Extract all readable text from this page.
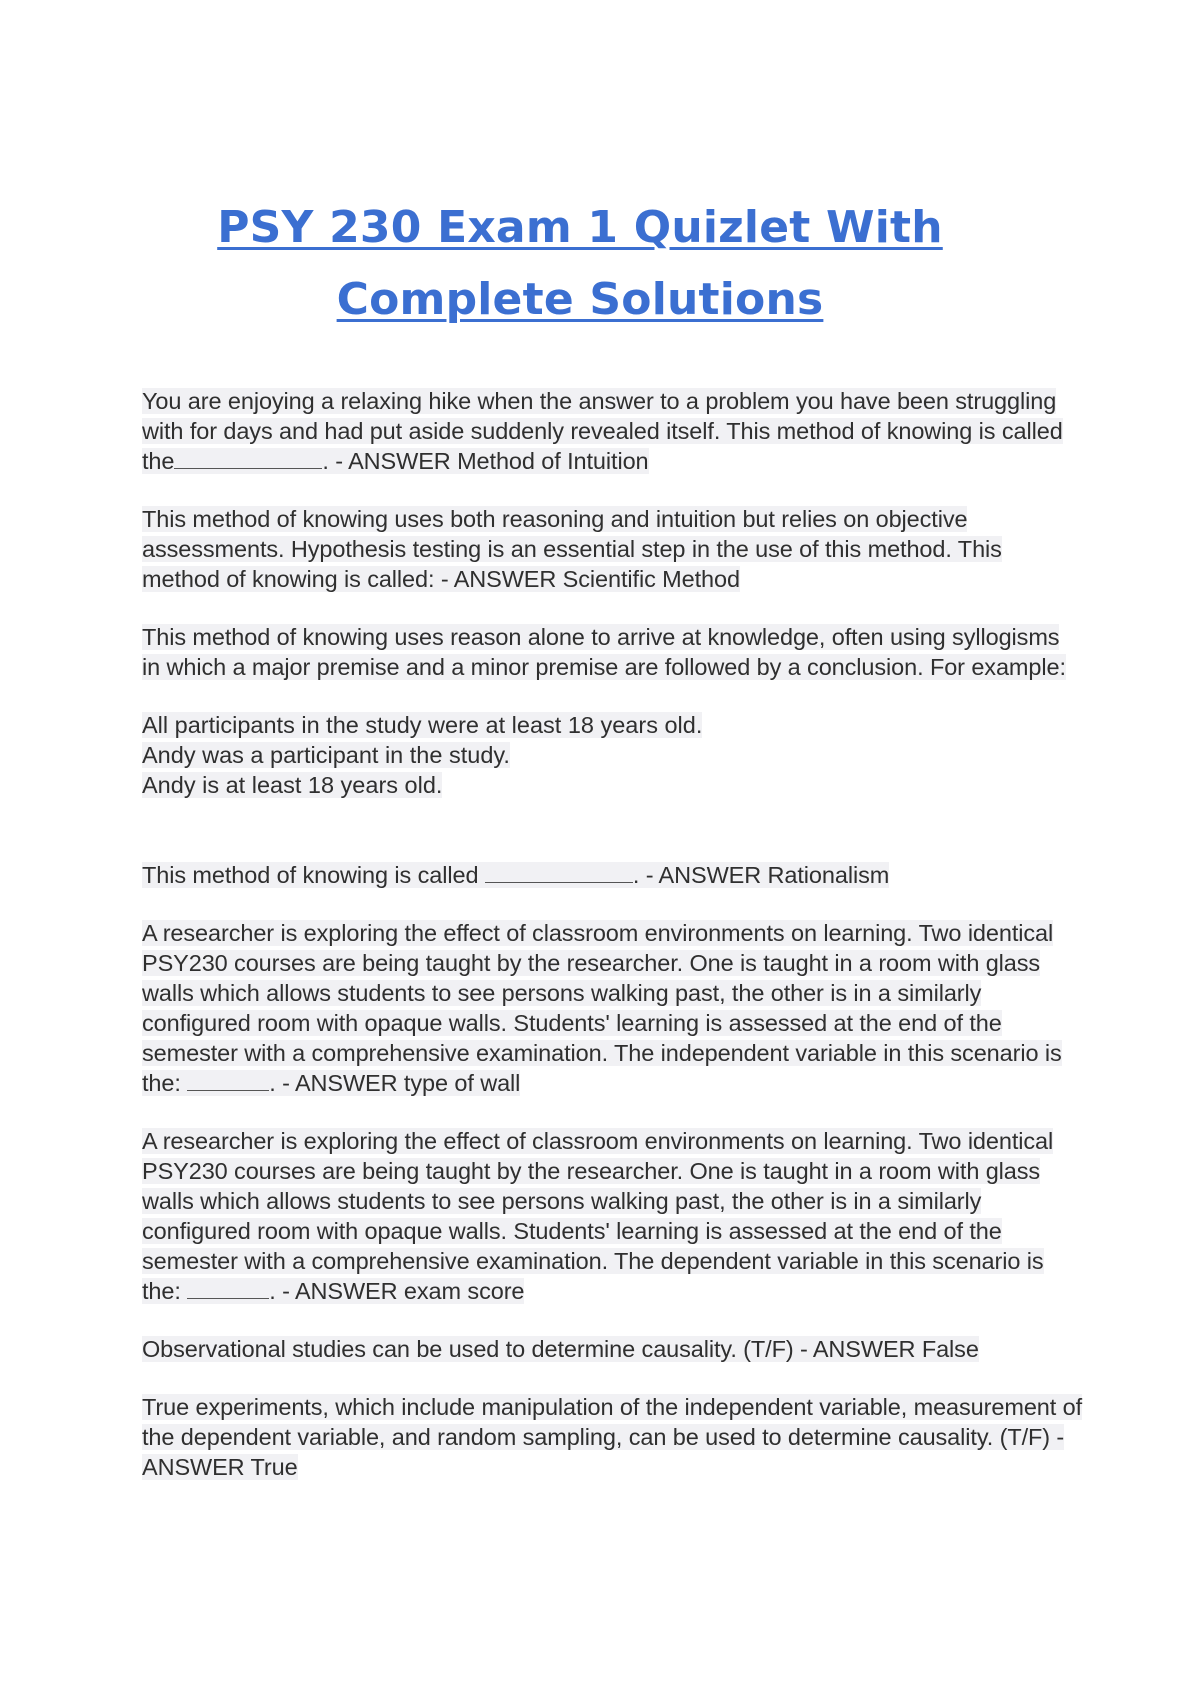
PSY 230 Exam 1 Quizlet With
Complete Solutions

You are enjoying a relaxing hike when the answer to a problem you have been struggling with for days and had put aside suddenly revealed itself. This method of knowing is called the	. - ANSWER Method of Intuition

This method of knowing uses both reasoning and intuition but relies on objective assessments. Hypothesis testing is an essential step in the use of this method. This method of knowing is called: - ANSWER Scientific Method

This method of knowing uses reason alone to arrive at knowledge, often using syllogisms in which a major premise and a minor premise are followed by a conclusion. For example:

All participants in the study were at least 18 years old.
Andy was a participant in the study.
Andy is at least 18 years old.

This method of knowing is called	. - ANSWER Rationalism

A researcher is exploring the effect of classroom environments on learning. Two identical PSY230 courses are being taught by the researcher. One is taught in a room with glass walls which allows students to see persons walking past, the other is in a similarly configured room with opaque walls. Students' learning is assessed at the end of the semester with a comprehensive examination. The independent variable in this scenario is the:	. - ANSWER type of wall

A researcher is exploring the effect of classroom environments on learning. Two identical PSY230 courses are being taught by the researcher. One is taught in a room with glass walls which allows students to see persons walking past, the other is in a similarly configured room with opaque walls. Students' learning is assessed at the end of the semester with a comprehensive examination. The dependent variable in this scenario is the:	. - ANSWER exam score

Observational studies can be used to determine causality. (T/F) - ANSWER False

True experiments, which include manipulation of the independent variable, measurement of the dependent variable, and random sampling, can be used to determine causality. (T/F) - ANSWER True
